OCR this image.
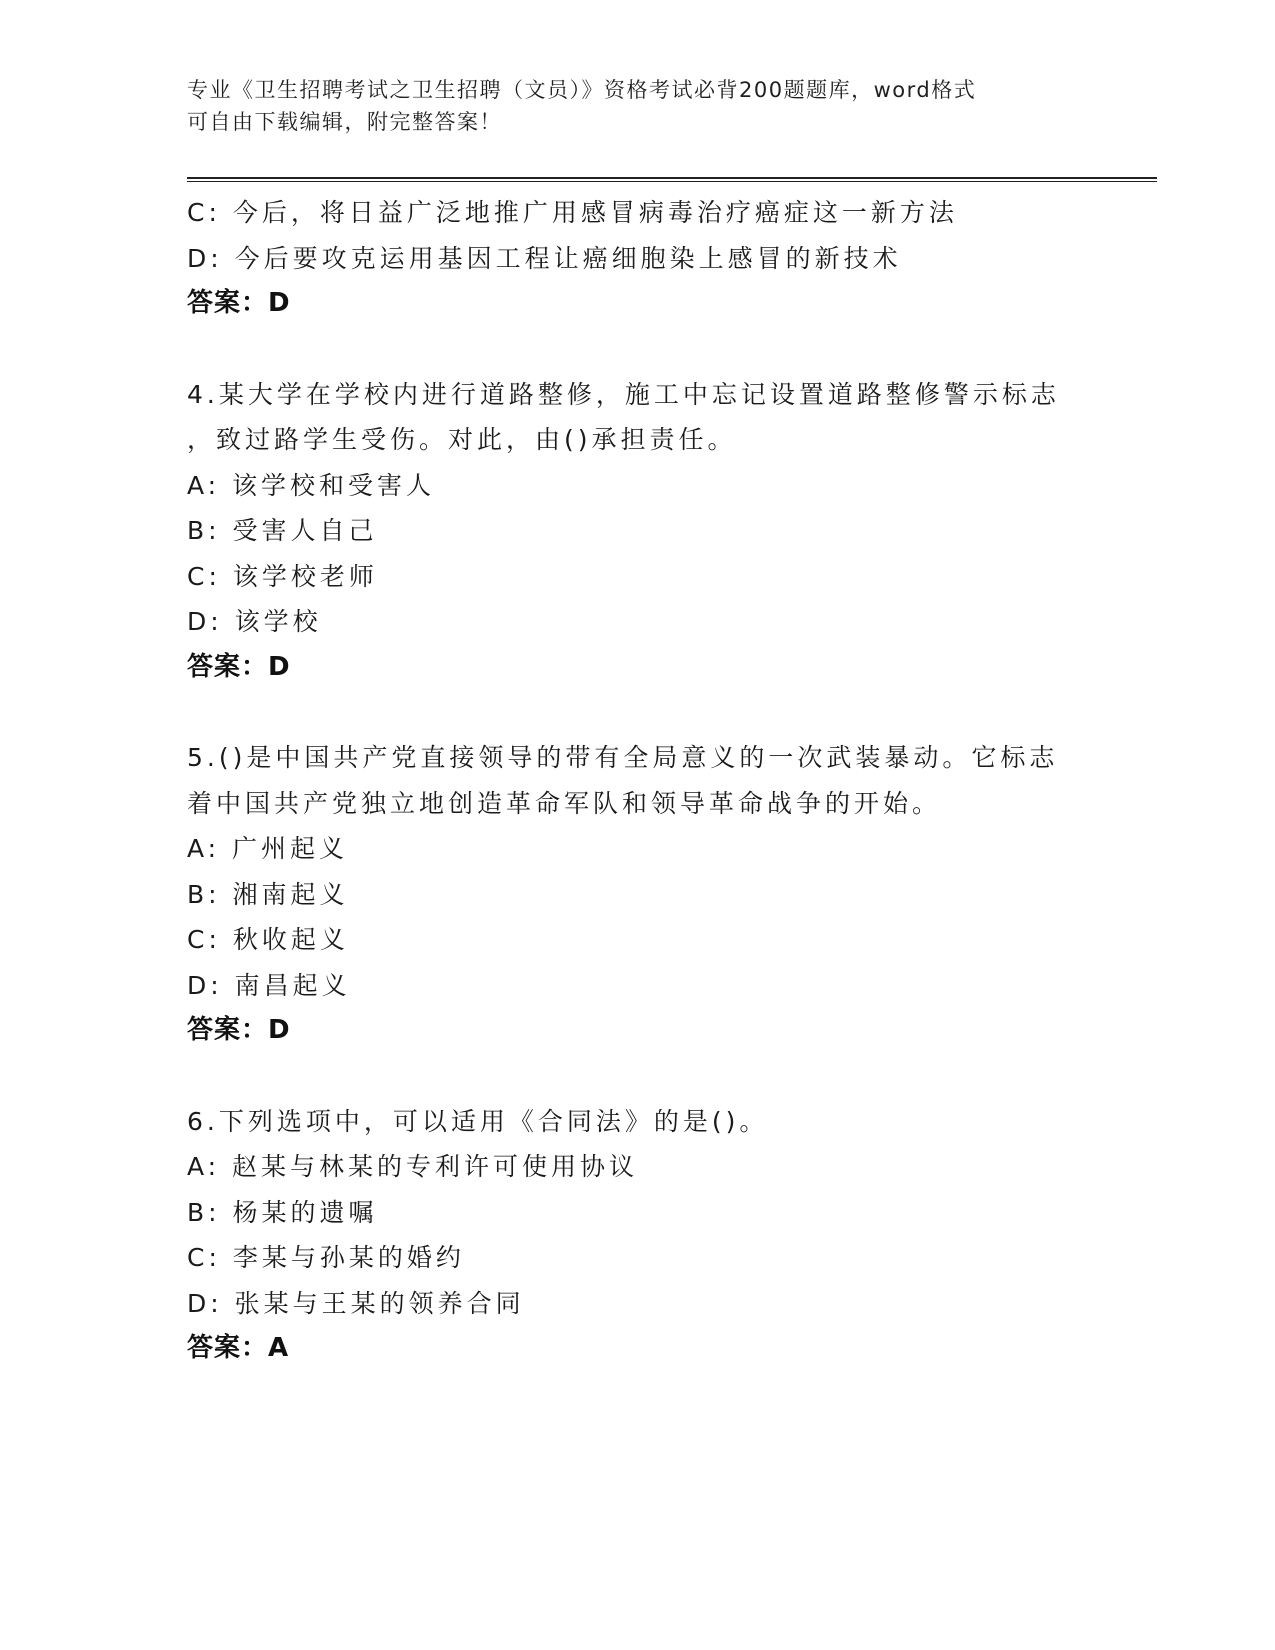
专业《卫生招聘考试之卫生招聘（文员）》资格考试必背200题题库，word格式
可自由下载编辑，附完整答案！
C: 今后，将日益广泛地推广用感冒病毒治疗癌症这一新方法
D: 今后要攻克运用基因工程让癌细胞染上感冒的新技术
答案：D
4.某大学在学校内进行道路整修，施工中忘记设置道路整修警示标志
，致过路学生受伤。对此，由()承担责任。
A: 该学校和受害人
B: 受害人自己
C: 该学校老师
D: 该学校
答案：D
5.()是中国共产党直接领导的带有全局意义的一次武装暴动。它标志
着中国共产党独立地创造革命军队和领导革命战争的开始。
A: 广州起义
B: 湘南起义
C: 秋收起义
D: 南昌起义
答案：D
6.下列选项中，可以适用《合同法》的是()。
A: 赵某与林某的专利许可使用协议
B: 杨某的遗嘱
C: 李某与孙某的婚约
D: 张某与王某的领养合同
答案：A
